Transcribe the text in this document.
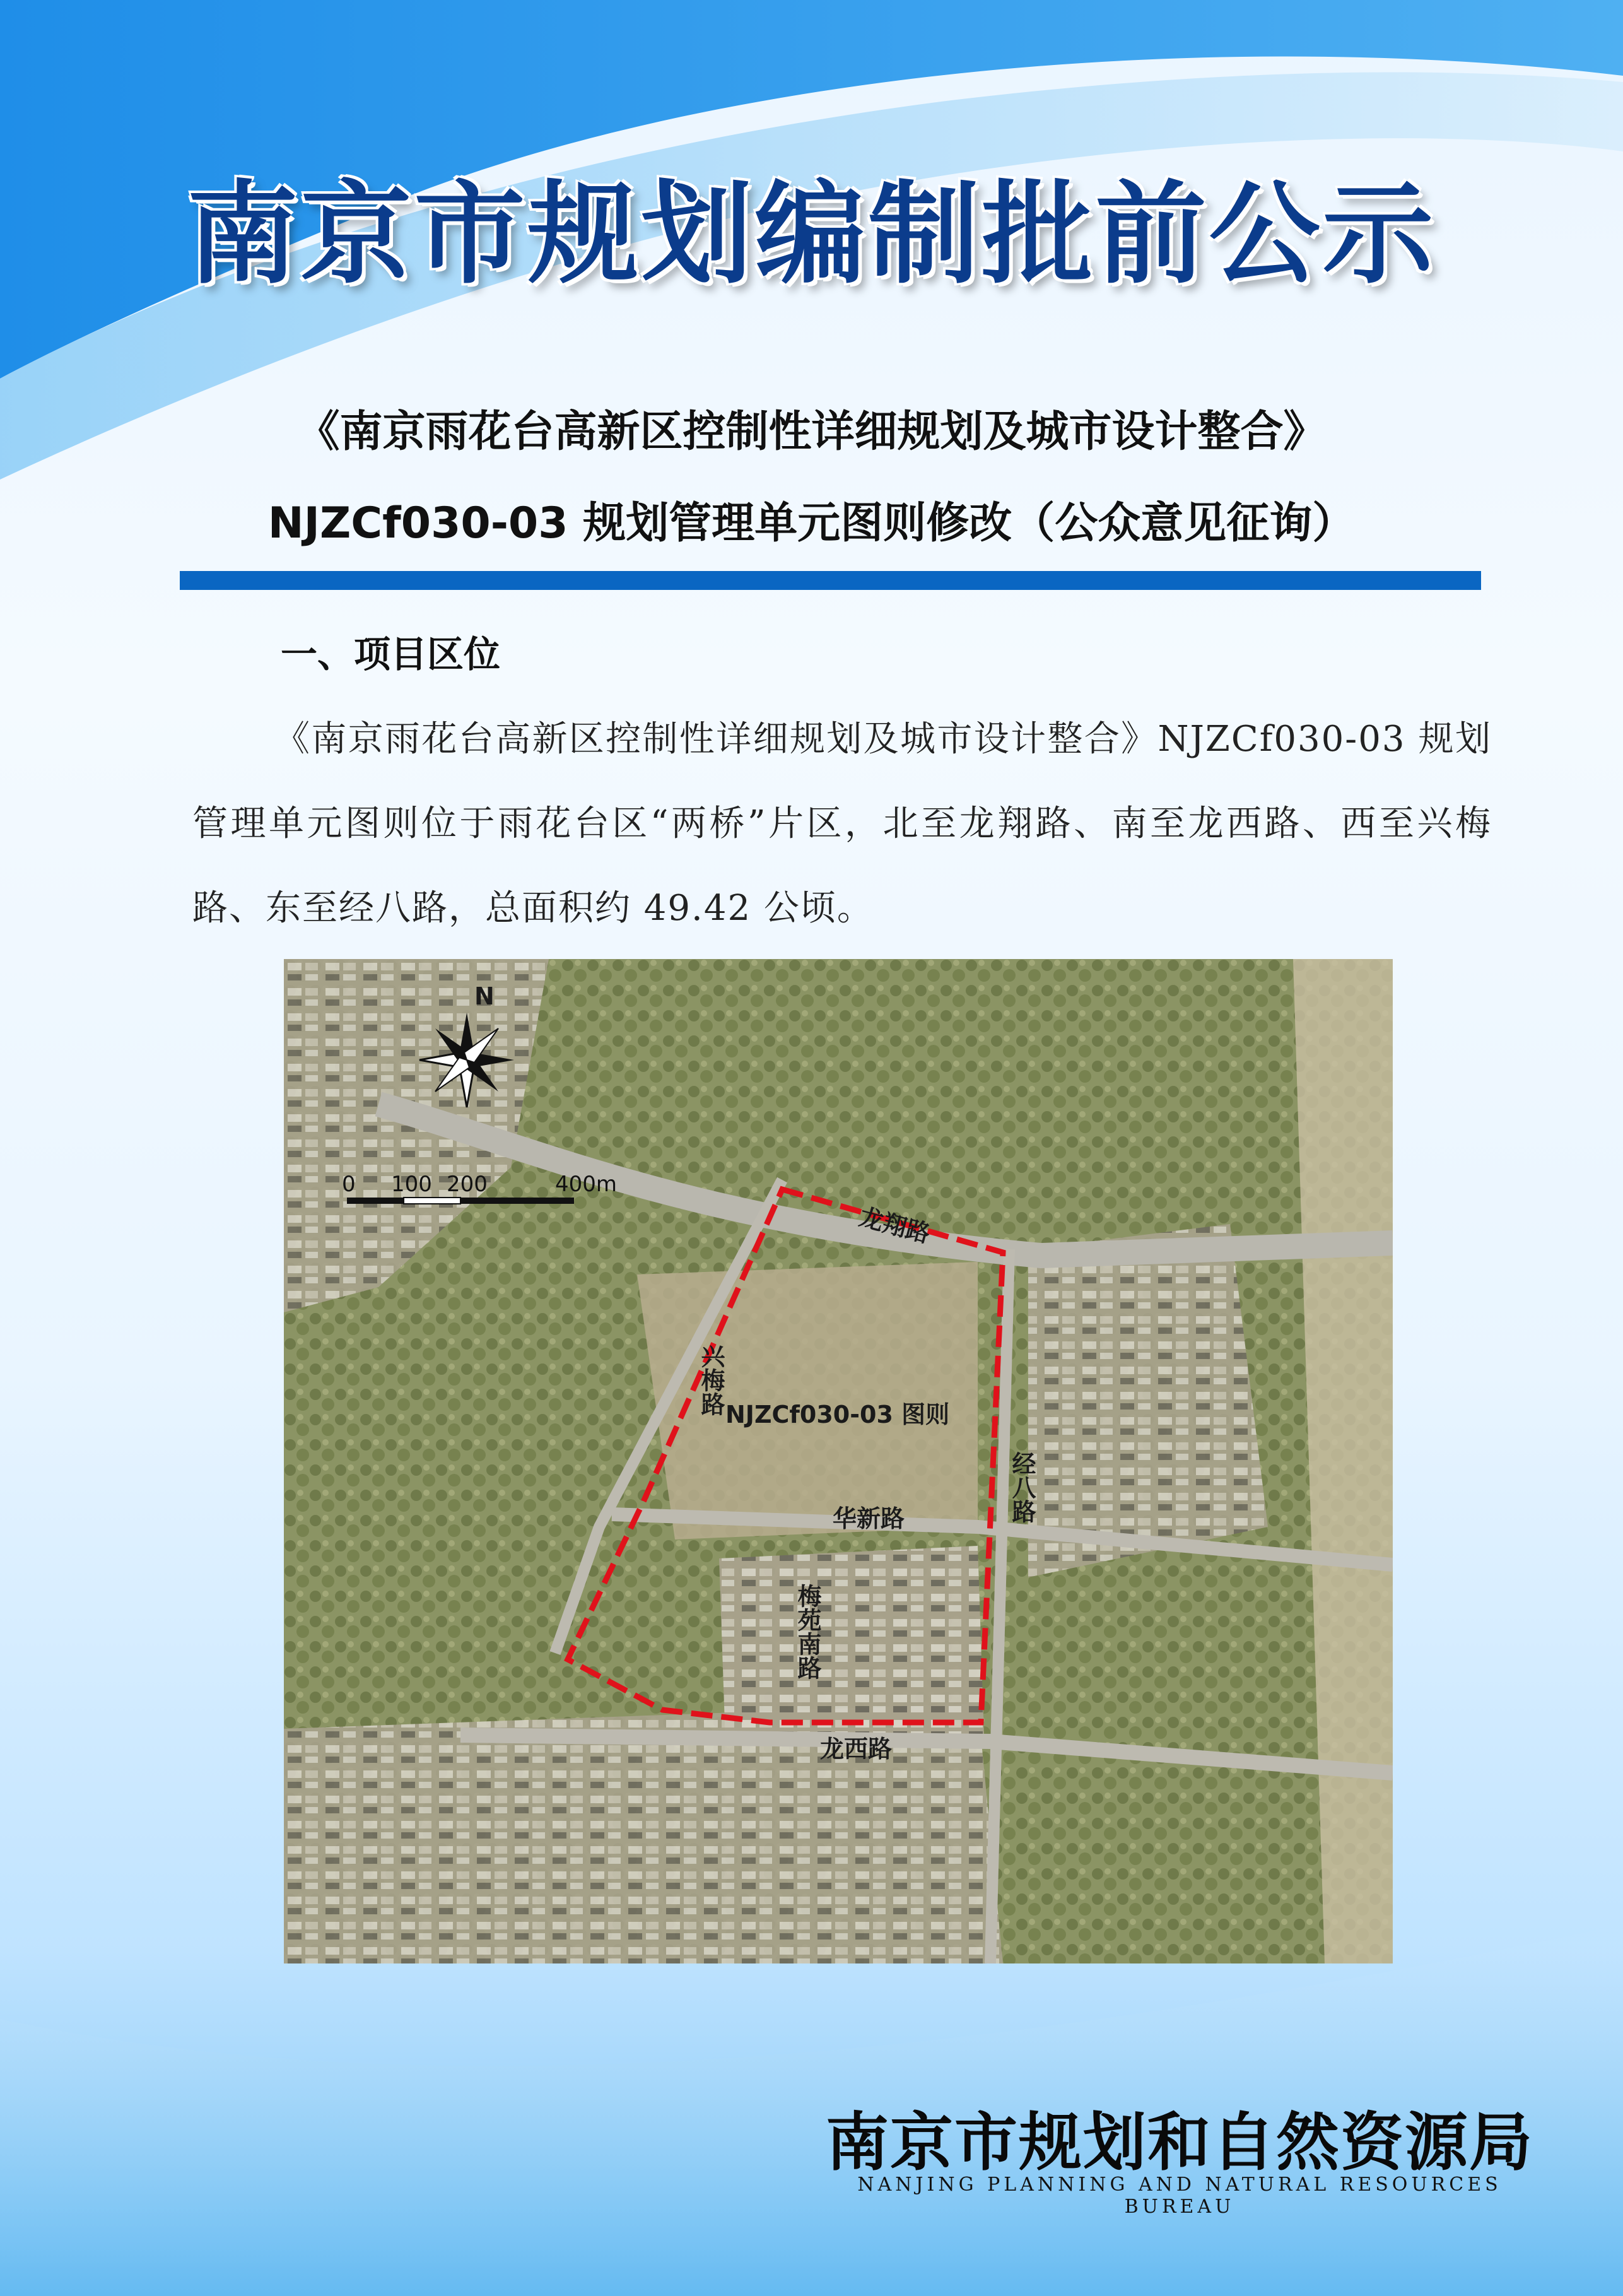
南京市规划编制批前公示
《南京雨花台高新区控制性详细规划及城市设计整合》
NJZCf030-03 规划管理单元图则修改（公众意见征询）
一、项目区位
《南京雨花台高新区控制性详细规划及城市设计整合》NJZCf030-03 规划管理单元图则位于雨花台区“两桥”片区，北至龙翔路、南至龙西路、西至兴梅路、东至经八路，总面积约 49.42 公顷。
N
0 100 200	400m
龙翔路
兴梅路
经八路
华新路
梅苑南路
龙西路
NJZCf030-03 图则
南京市规划和自然资源局
NANJING PLANNING AND NATURAL RESOURCES BUREAU
